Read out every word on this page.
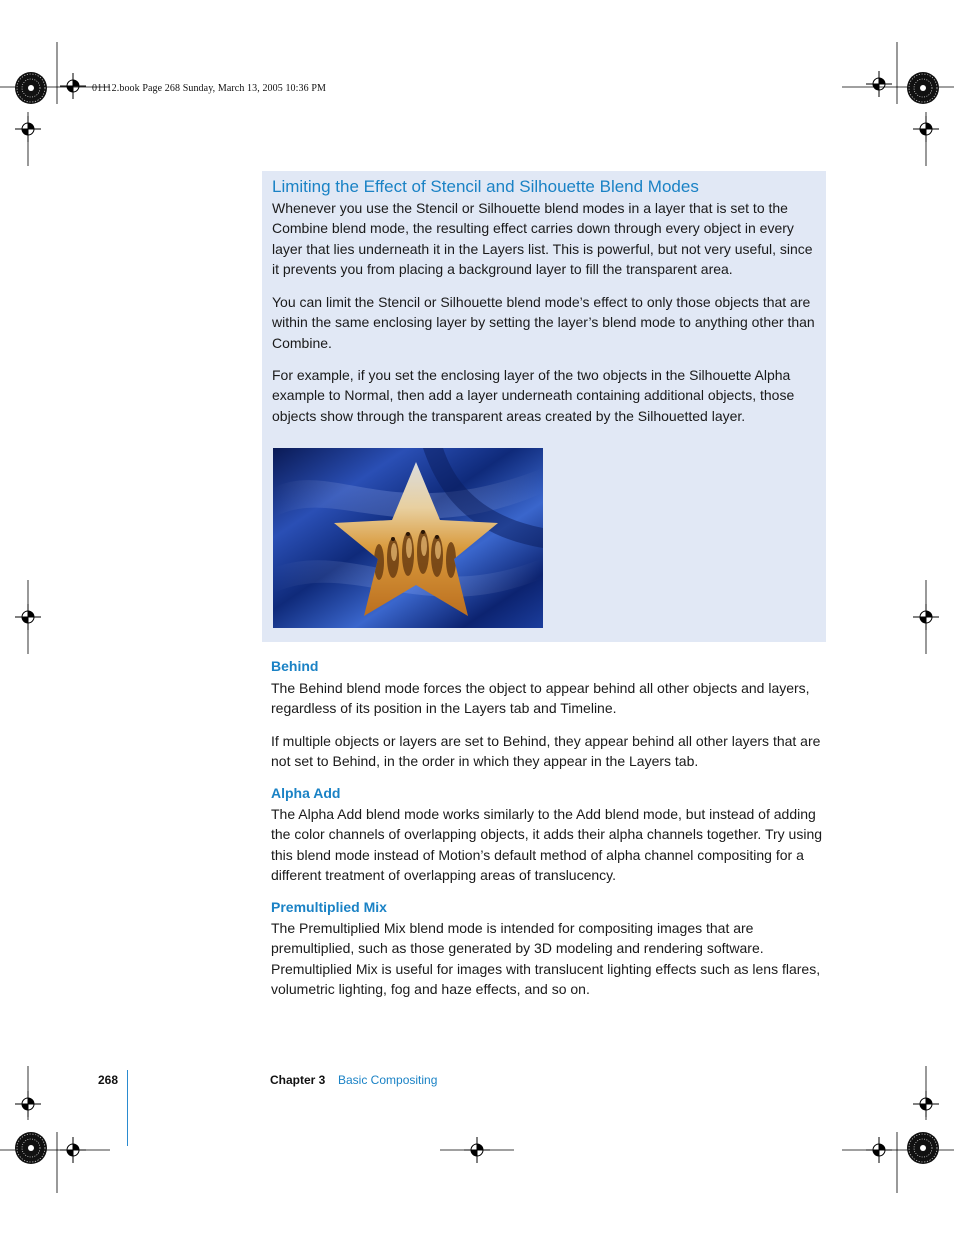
01112.book Page 268 Sunday, March 13, 2005 10:36 PM
Limiting the Effect of Stencil and Silhouette Blend Modes

Whenever you use the Stencil or Silhouette blend modes in a layer that is set to the Combine blend mode, the resulting effect carries down through every object in every layer that lies underneath it in the Layers list. This is powerful, but not very useful, since it prevents you from placing a background layer to fill the transparent area.

You can limit the Stencil or Silhouette blend mode’s effect to only those objects that are within the same enclosing layer by setting the layer’s blend mode to anything other than Combine.

For example, if you set the enclosing layer of the two objects in the Silhouette Alpha example to Normal, then add a layer underneath containing additional objects, those objects show through the transparent areas created by the Silhouetted layer.

Behind

The Behind blend mode forces the object to appear behind all other objects and layers, regardless of its position in the Layers tab and Timeline.

If multiple objects or layers are set to Behind, they appear behind all other layers that are not set to Behind, in the order in which they appear in the Layers tab.

Alpha Add

The Alpha Add blend mode works similarly to the Add blend mode, but instead of adding the color channels of overlapping objects, it adds their alpha channels together. Try using this blend mode instead of Motion’s default method of alpha channel compositing for a different treatment of overlapping areas of translucency.

Premultiplied Mix

The Premultiplied Mix blend mode is intended for compositing images that are premultiplied, such as those generated by 3D modeling and rendering software. Premultiplied Mix is useful for images with translucent lighting effects such as lens flares, volumetric lighting, fog and haze effects, and so on.

268	Chapter 3 Basic Compositing
